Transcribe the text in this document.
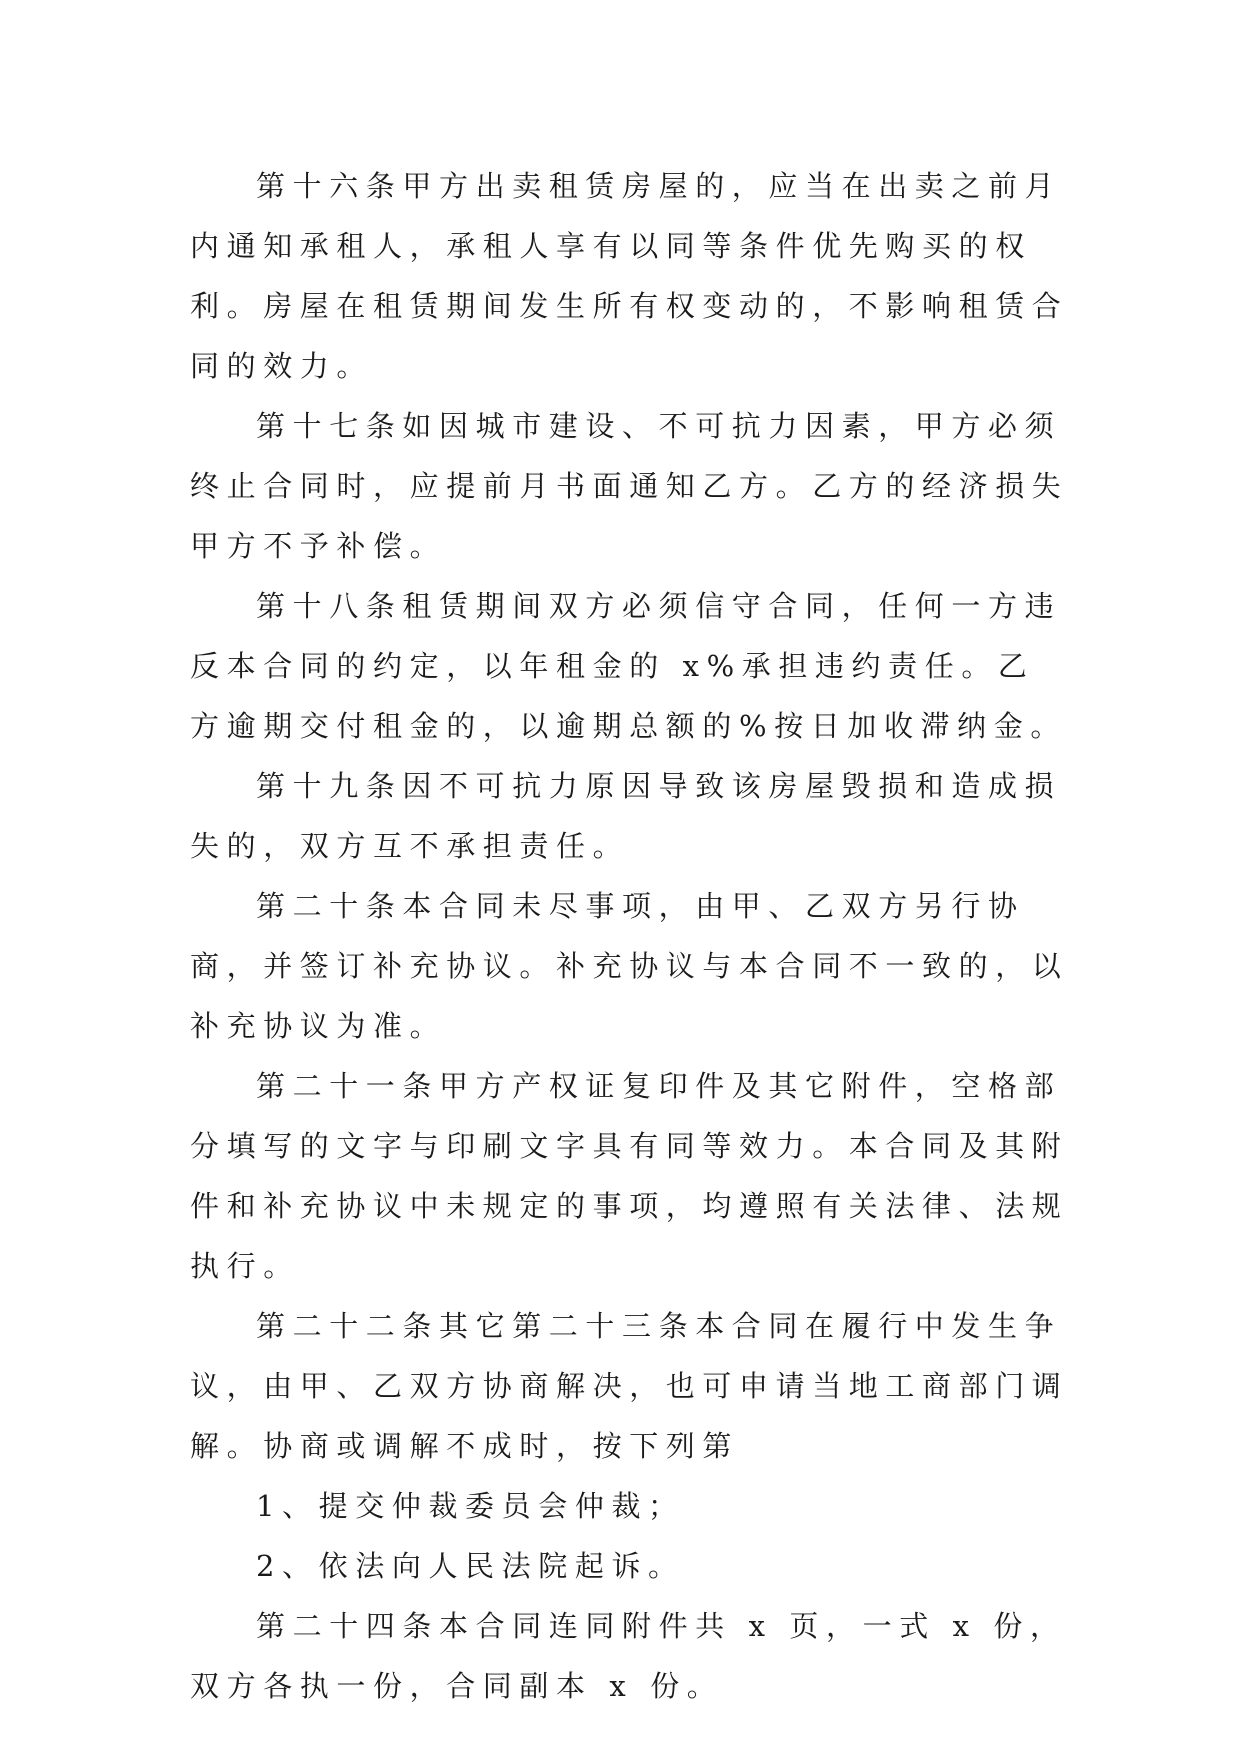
第十六条甲方出卖租赁房屋的，应当在出卖之前月内通知承租人，承租人享有以同等条件优先购买的权利。房屋在租赁期间发生所有权变动的，不影响租赁合同的效力。

第十七条如因城市建设、不可抗力因素，甲方必须终止合同时，应提前月书面通知乙方。乙方的经济损失甲方不予补偿。

第十八条租赁期间双方必须信守合同，任何一方违反本合同的约定，以年租金的 x%承担违约责任。乙方逾期交付租金的，以逾期总额的%按日加收滞纳金。

第十九条因不可抗力原因导致该房屋毁损和造成损失的，双方互不承担责任。

第二十条本合同未尽事项，由甲、乙双方另行协商，并签订补充协议。补充协议与本合同不一致的，以补充协议为准。

第二十一条甲方产权证复印件及其它附件，空格部分填写的文字与印刷文字具有同等效力。本合同及其附件和补充协议中未规定的事项，均遵照有关法律、法规执行。

第二十二条其它第二十三条本合同在履行中发生争议，由甲、乙双方协商解决，也可申请当地工商部门调解。协商或调解不成时，按下列第

1、提交仲裁委员会仲裁；

2、依法向人民法院起诉。

第二十四条本合同连同附件共 x 页，一式 x 份，双方各执一份，合同副本 x 份。
